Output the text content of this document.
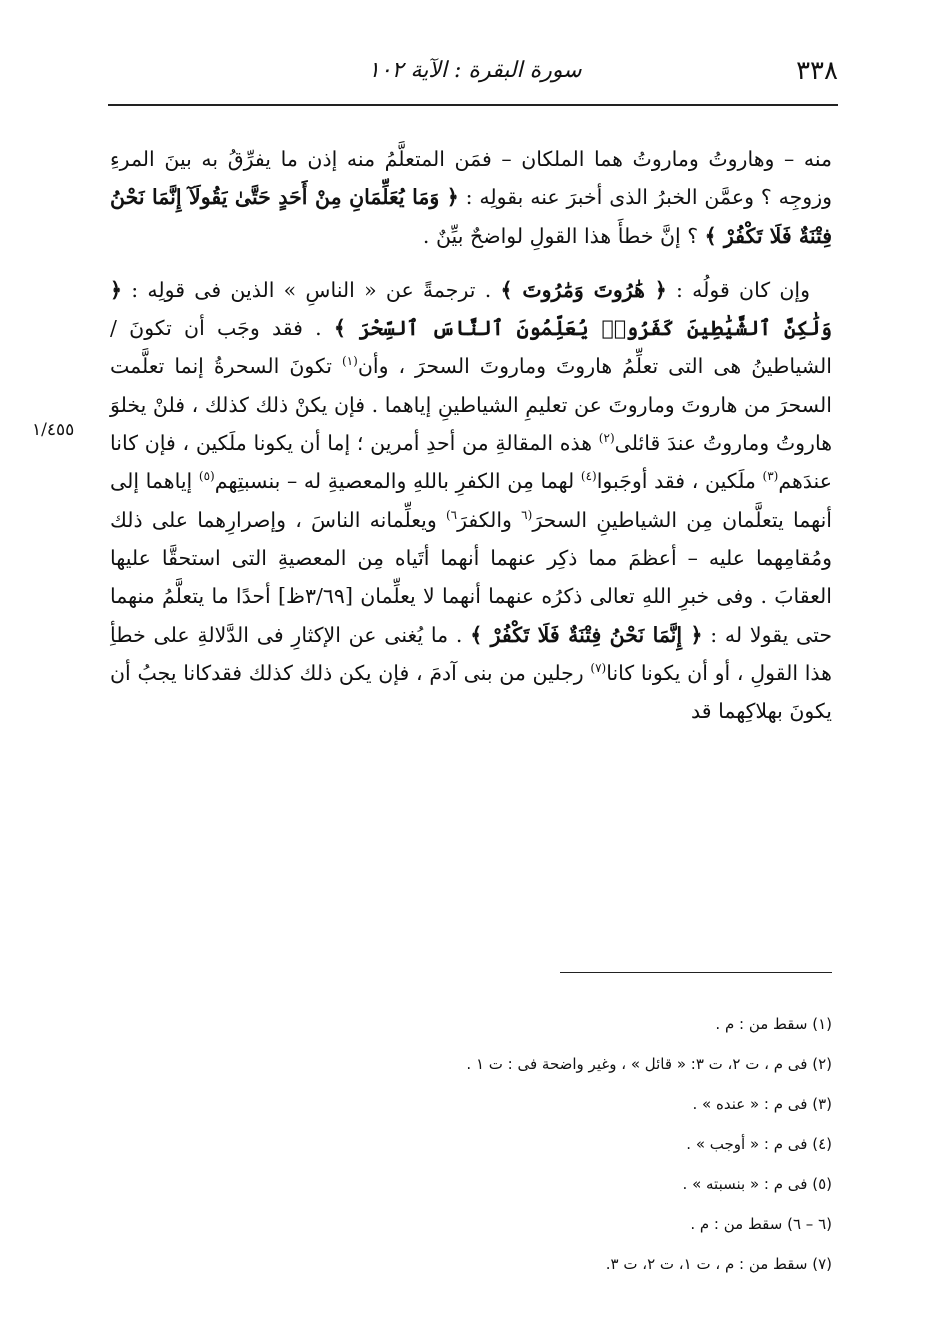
٣٣٨
سورة البقرة : الآية ١٠٢
١/٤٥٥

منه – وهاروتُ وماروتُ هما الملكان – فمَن المتعلَّمُ منه إذن ما يفرِّقُ به بينَ المرءِ وزوجِه ؟ وعمَّن الخبرُ الذى أخبرَ عنه بقولِه : ﴿ وَمَا يُعَلِّمَانِ مِنْ أَحَدٍ حَتَّىٰ يَقُولَآ إِنَّمَا نَحْنُ فِتْنَةٌ فَلَا تَكْفُرْ ﴾ ؟ إنَّ خطأَ هذا القولِ لواضحٌ بيِّنٌ .

وإن كان قولُه : ﴿ هَٰرُوتَ وَمَٰرُوتَ ﴾ . ترجمةً عن « الناسِ » الذين فى قولِه : ﴿ وَلَٰكِنَّ ٱلشَّيَٰطِينَ كَفَرُوا۟ يُعَلِّمُونَ ٱلنَّاسَ ٱلسِّحْرَ ﴾ . فقد وجَب أن تكونَ /الشياطينُ هى التى تعلِّمُ هاروتَ وماروتَ السحرَ ، وأن$^{(١)}$ تكونَ السحرةُ إنما تعلَّمت السحرَ من هاروتَ وماروتَ عن تعليمِ الشياطينِ إياهما . فإن يكنْ ذلك كذلك ، فلنْ يخلوَ هاروتُ وماروتُ عندَ قائلى$^{(٢)}$ هذه المقالةِ من أحدِ أمرين ؛ إما أن يكونا ملَكين ، فإن كانا عندَهم$^{(٣)}$ ملَكين ، فقد أوجَبوا$^{(٤)}$ لهما مِن الكفرِ باللهِ والمعصيةِ له – بنسبتِهم$^{(٥)}$ إياهما إلى أنهما يتعلَّمان مِن الشياطينِ السحرَ$^{(٦}$ والكفرَ$^{٦)}$ ويعلِّمانه الناسَ ، وإصرارِهما على ذلك ومُقامِهما عليه – أعظمَ مما ذكِر عنهما أنهما أتَياه مِن المعصيةِ التى استحقَّا عليها العقابَ . وفى خبرِ اللهِ تعالى ذكرُه عنهما أنهما لا يعلِّمان [٣/٦٩ظ] أحدًا ما يتعلَّمُ منهما حتى يقولا له : ﴿ إِنَّمَا نَحْنُ فِتْنَةٌ فَلَا تَكْفُرْ ﴾ . ما يُغنى عن الإكثارِ فى الدَّلالةِ على خطأِ هذا القولِ ، أو أن يكونا كانا$^{(٧)}$ رجلين من بنى آدمَ ، فإن يكن ذلك كذلك فقدكانا يجبُ أن يكونَ بهلاكِهما قد

(١) سقط من : م .
(٢) فى م ، ت ٢، ت ٣: « قائل » ، وغير واضحة فى : ت ١ .
(٣) فى م : « عنده » .
(٤) فى م : « أوجب » .
(٥) فى م : « بنسبته » .
(٦ – ٦) سقط من : م .
(٧) سقط من : م ، ت ١، ت ٢، ت ٣.
